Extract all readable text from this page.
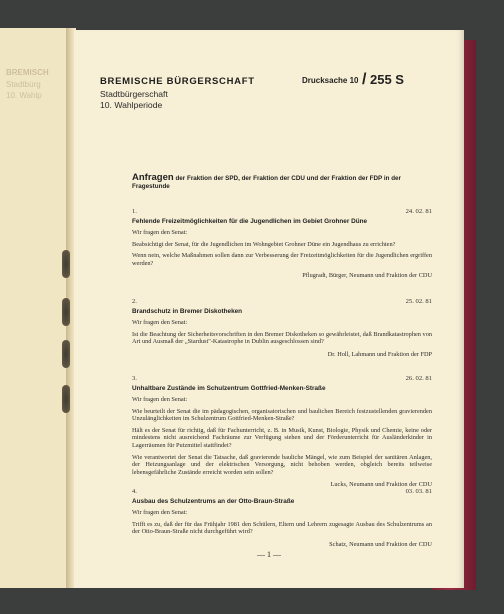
BREMISCH
Stadtbürg
10. Wahlp
BREMISCHE BÜRGERSCHAFT
Stadtbürgerschaft
10. Wahlperiode
Drucksache 10 / 255 S
Anfragen der Fraktion der SPD, der Fraktion der CDU und der Fraktion der FDP in der Fragestunde
1.	24. 02. 81
Fehlende Freizeitmöglichkeiten für die Jugendlichen im Gebiet Grohner Düne
Wir fragen den Senat:
Beabsichtigt der Senat, für die Jugendlichen im Wohngebiet Grohner Düne ein Jugendhaus zu errichten?
Wenn nein, welche Maßnahmen sollen dann zur Verbesserung der Freizeitmöglichkeiten für die Jugendlichen ergriffen werden?
Pflugradt, Bürger, Neumann und Fraktion der CDU
2.	25. 02. 81
Brandschutz in Bremer Diskotheken
Wir fragen den Senat:
Ist die Beachtung der Sicherheitsvorschriften in den Bremer Diskotheken so gewährleistet, daß Brandkatastrophen von Art und Ausmaß der „Stardust"-Katastrophe in Dublin ausgeschlossen sind?
Dr. Holl, Lahmann und Fraktion der FDP
3.	26. 02. 81
Unhaltbare Zustände im Schulzentrum Gottfried-Menken-Straße
Wir fragen den Senat:
Wie beurteilt der Senat die im pädagogischen, organisatorischen und baulichen Bereich festzustellenden gravierenden Unzulänglichkeiten im Schulzentrum Gottfried-Menken-Straße?
Hält es der Senat für richtig, daß für Fachunterricht, z. B. in Musik, Kunst, Biologie, Physik und Chemie, keine oder mindestens nicht ausreichend Fachräume zur Verfügung stehen und der Förderunterricht für Ausländerkinder in Lagerräumen für Putzmittel stattfindet?
Wie verantwortet der Senat die Tatsache, daß gravierende bauliche Mängel, wie zum Beispiel der sanitären Anlagen, der Heizungsanlage und der elektrischen Versorgung, nicht behoben werden, obgleich bereits teilweise lebensgefährliche Zustände erreicht worden sein sollen?
Lucks, Neumann und Fraktion der CDU
4.	03. 03. 81
Ausbau des Schulzentrums an der Otto-Braun-Straße
Wir fragen den Senat:
Trifft es zu, daß der für das Frühjahr 1981 den Schülern, Eltern und Lehrern zugesagte Ausbau des Schulzentrums an der Otto-Braun-Straße nicht durchgeführt wird?
Schatz, Neumann und Fraktion der CDU
— 1 —
